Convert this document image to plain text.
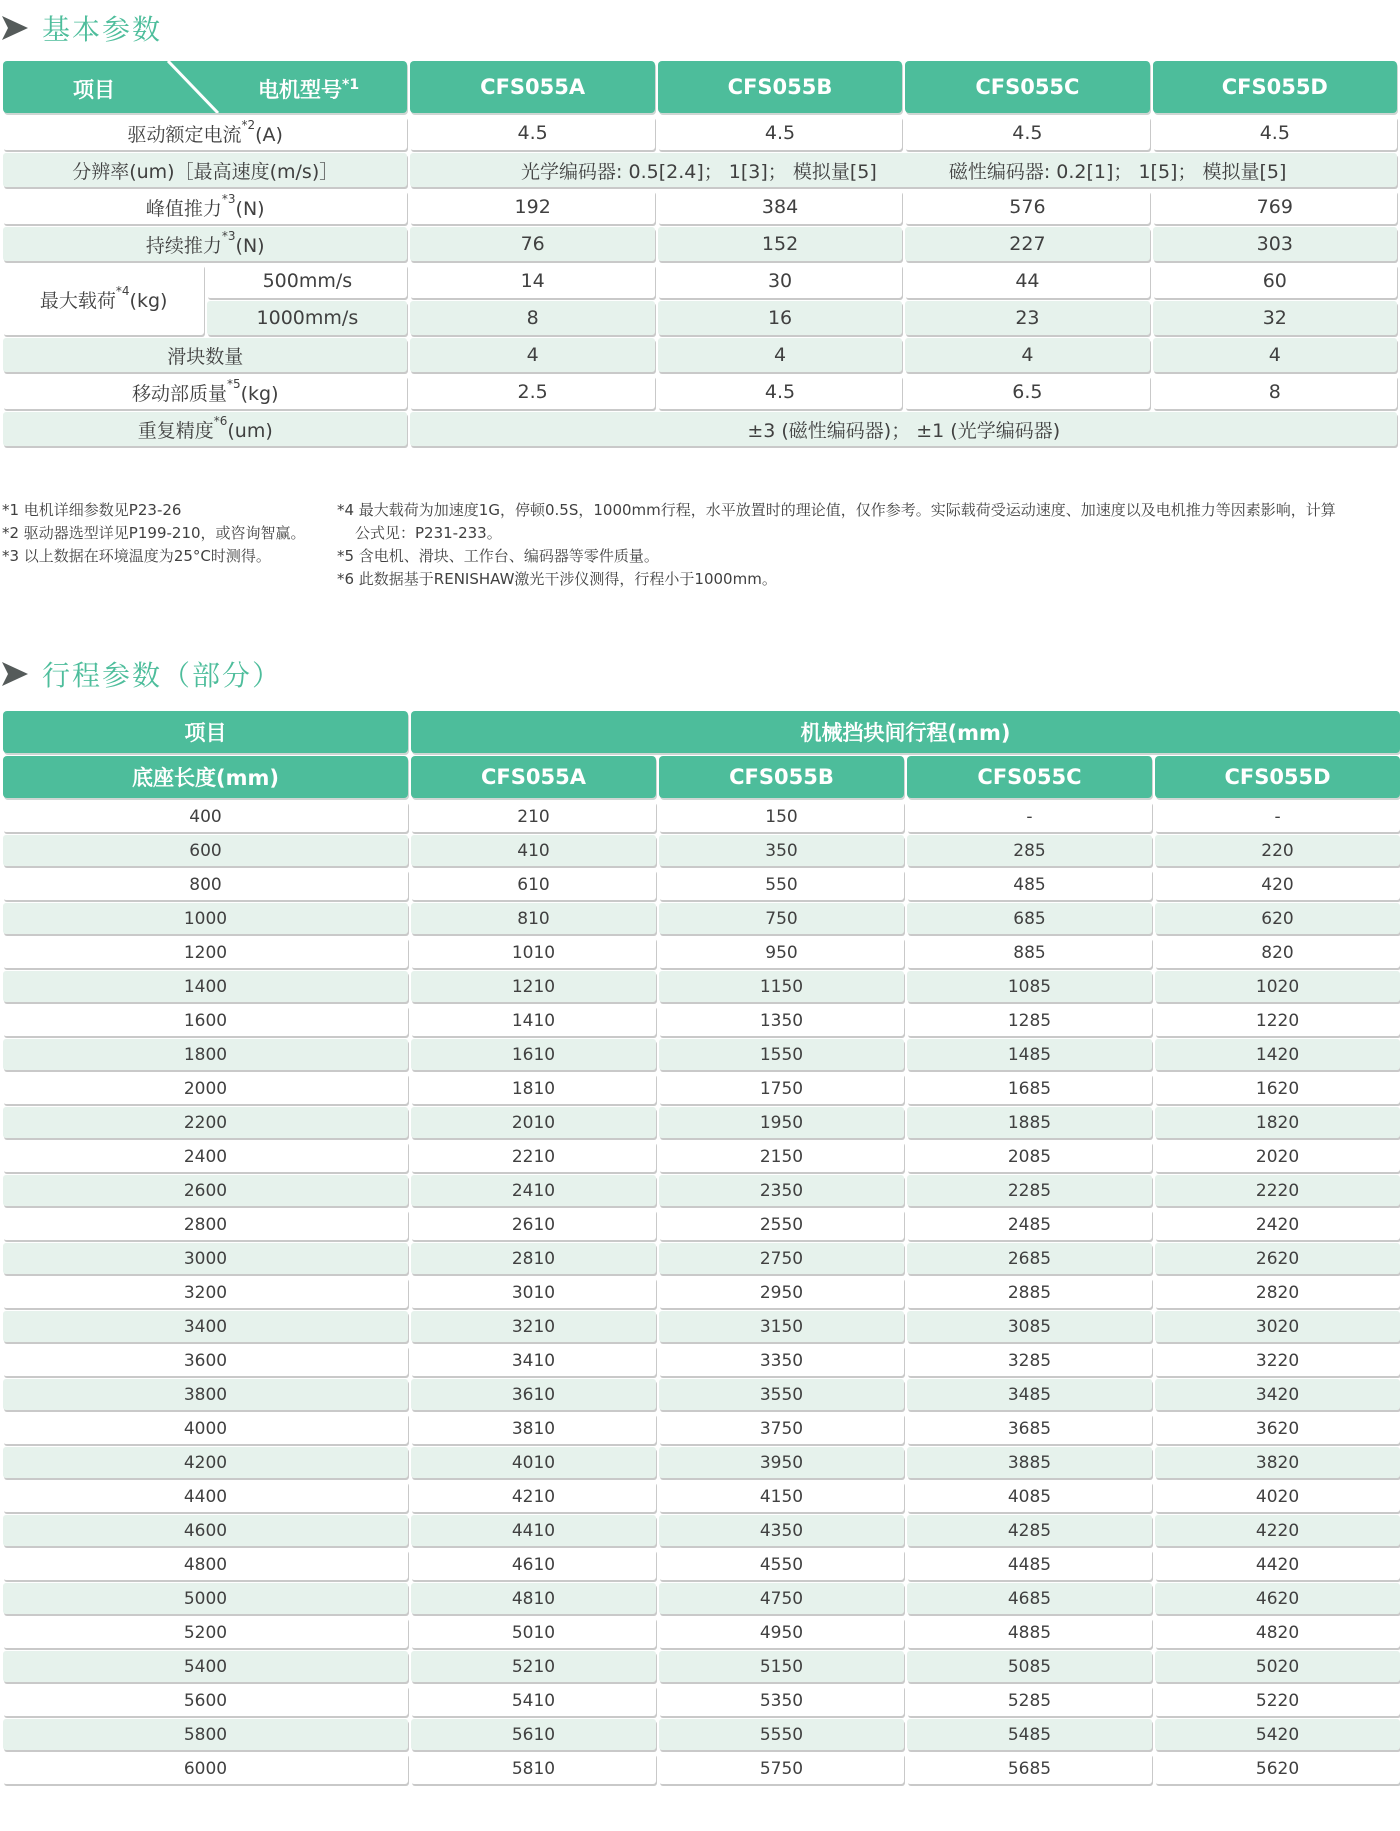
基本参数
项目 电机型号$^{*1}$		CFS055A	CFS055B	CFS055C	CFS055D
驱动额定电流$^{*2}$(A)		4.5	4.5	4.5	4.5
分辨率(um)［最高速度(m/s)］		光学编码器: 0.5[2.4]； 1[3]； 模拟量[5] 磁性编码器: 0.2[1]； 1[5]； 模拟量[5]			
峰值推力$^{*3}$(N)		192	384	576	769
持续推力$^{*3}$(N)		76	152	227	303
最大载荷$^{*4}$(kg)	500mm/s	14	30	44	60
	1000mm/s	8	16	23	32
滑块数量		4	4	4	4
移动部质量$^{*5}$(kg)		2.5	4.5	6.5	8
重复精度$^{*6}$(um)		±3 (磁性编码器)； ±1 (光学编码器)			
*1 电机详细参数见P23-26
*2 驱动器选型详见P199-210，或咨询智赢。
*3 以上数据在环境温度为25°C时测得。
*4 最大载荷为加速度1G，停顿0.5S，1000mm行程，水平放置时的理论值，仅作参考。实际载荷受运动速度、加速度以及电机推力等因素影响，计算
公式见：P231-233。
*5 含电机、滑块、工作台、编码器等零件质量。
*6 此数据基于RENISHAW激光干涉仪测得，行程小于1000mm。
行程参数（部分）
项目	机械挡块间行程(mm)			
底座长度(mm)	CFS055A	CFS055B	CFS055C	CFS055D
400	210	150	-	-
600	410	350	285	220
800	610	550	485	420
1000	810	750	685	620
1200	1010	950	885	820
1400	1210	1150	1085	1020
1600	1410	1350	1285	1220
1800	1610	1550	1485	1420
2000	1810	1750	1685	1620
2200	2010	1950	1885	1820
2400	2210	2150	2085	2020
2600	2410	2350	2285	2220
2800	2610	2550	2485	2420
3000	2810	2750	2685	2620
3200	3010	2950	2885	2820
3400	3210	3150	3085	3020
3600	3410	3350	3285	3220
3800	3610	3550	3485	3420
4000	3810	3750	3685	3620
4200	4010	3950	3885	3820
4400	4210	4150	4085	4020
4600	4410	4350	4285	4220
4800	4610	4550	4485	4420
5000	4810	4750	4685	4620
5200	5010	4950	4885	4820
5400	5210	5150	5085	5020
5600	5410	5350	5285	5220
5800	5610	5550	5485	5420
6000	5810	5750	5685	5620
